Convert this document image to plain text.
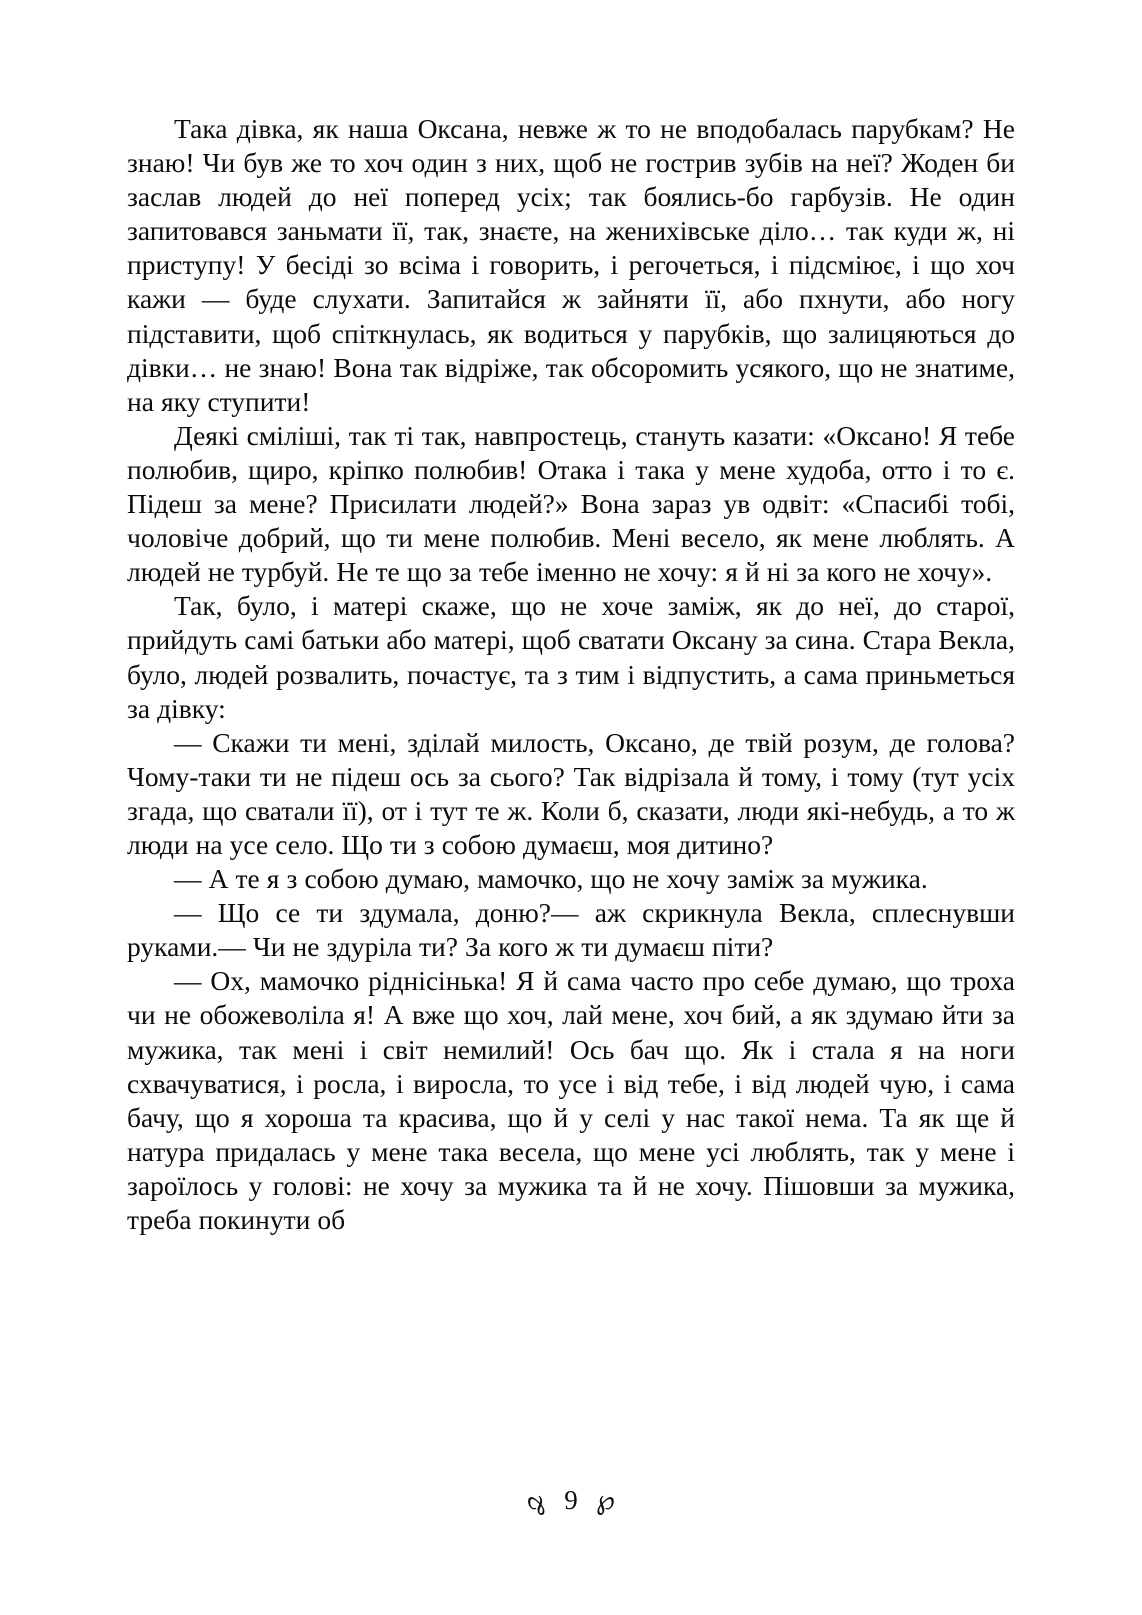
Така дівка, як наша Оксана, невже ж то не вподобалась парубкам? Не знаю! Чи був же то хоч один з них, щоб не гострив зубів на неї? Жоден би заслав людей до неї поперед усіх; так боялись-бо гарбузів. Не один запитовався заньмати її, так, знаєте, на женихівське діло… так куди ж, ні приступу! У бесіді зо всіма і говорить, і регочеться, і підсміює, і що хоч кажи — буде слухати. Запитайся ж зайняти її, або пхнути, або ногу підставити, щоб спіткнулась, як водиться у парубків, що залицяються до дівки… не знаю! Вона так відріже, так обсоромить усякого, що не знатиме, на яку ступити!

Деякі сміліші, так ті так, навпростець, стануть казати: «Оксано! Я тебе полюбив, щиро, кріпко полюбив! Отака і така у мене худоба, отто і то є. Підеш за мене? Присилати людей?» Вона зараз ув одвіт: «Спасибі тобі, чоловіче добрий, що ти мене полюбив. Мені весело, як мене люблять. А людей не турбуй. Не те що за тебе іменно не хочу: я й ні за кого не хочу».

Так, було, і матері скаже, що не хоче заміж, як до неї, до старої, прийдуть самі батьки або матері, щоб сватати Оксану за сина. Стара Векла, було, людей розвалить, почастує, та з тим і відпустить, а сама приньметься за дівку:

— Скажи ти мені, зділай милость, Оксано, де твій розум, де голова? Чому-таки ти не підеш ось за сього? Так відрізала й тому, і тому (тут усіх згада, що сватали її), от і тут те ж. Коли б, сказати, люди які-небудь, а то ж люди на усе село. Що ти з собою думаєш, моя дитино?

— А те я з собою думаю, мамочко, що не хочу заміж за мужика.

— Що се ти здумала, доню?— аж скрикнула Векла, сплеснувши руками.— Чи не здуріла ти? За кого ж ти думаєш піти?

— Ох, мамочко ріднісінька! Я й сама часто про себе думаю, що троха чи не обожеволіла я! А вже що хоч, лай мене, хоч бий, а як здумаю йти за мужика, так мені і світ немилий! Ось бач що. Як і стала я на ноги схвачуватися, і росла, і виросла, то усе і від тебе, і від людей чую, і сама бачу, що я хороша та красива, що й у селі у нас такої нема. Та як ще й натура придалась у мене така весела, що мене усі люблять, так у мене і зароїлось у голові: не хочу за мужика та й не хочу. Пішовши за мужика, треба покинути об

℘ 9 ℘
